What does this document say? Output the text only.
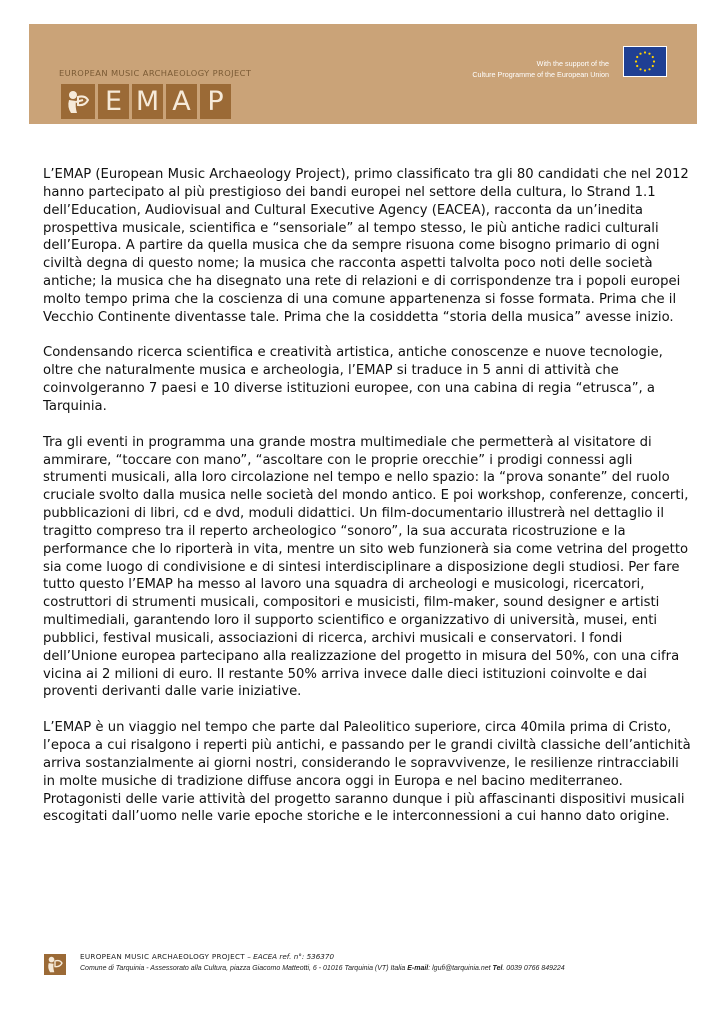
EUROPEAN MUSIC ARCHAEOLOGY PROJECT
With the support of the
Culture Programme of the European Union
E M A P

L’EMAP (European Music Archaeology Project), primo classificato tra gli 80 candidati che nel 2012 hanno partecipato al più prestigioso dei bandi europei nel settore della cultura, lo Strand 1.1 dell’Education, Audiovisual and Cultural Executive Agency (EACEA), racconta da un’inedita prospettiva musicale, scientifica e “sensoriale” al tempo stesso, le più antiche radici culturali dell’Europa. A partire da quella musica che da sempre risuona come bisogno primario di ogni civiltà degna di questo nome; la musica che racconta aspetti talvolta poco noti delle società antiche; la musica che ha disegnato una rete di relazioni e di corrispondenze tra i popoli europei molto tempo prima che la coscienza di una comune appartenenza si fosse formata. Prima che il Vecchio Continente diventasse tale. Prima che la cosiddetta “storia della musica” avesse inizio.

Condensando ricerca scientifica e creatività artistica, antiche conoscenze e nuove tecnologie, oltre che naturalmente musica e archeologia, l’EMAP si traduce in 5 anni di attività che coinvolgeranno 7 paesi e 10 diverse istituzioni europee, con una cabina di regia “etrusca”, a Tarquinia.

Tra gli eventi in programma una grande mostra multimediale che permetterà al visitatore di ammirare, “toccare con mano”, “ascoltare con le proprie orecchie” i prodigi connessi agli strumenti musicali, alla loro circolazione nel tempo e nello spazio: la “prova sonante” del ruolo cruciale svolto dalla musica nelle società del mondo antico. E poi workshop, conferenze, concerti, pubblicazioni di libri, cd e dvd, moduli didattici. Un film-documentario illustrerà nel dettaglio il tragitto compreso tra il reperto archeologico “sonoro”, la sua accurata ricostruzione e la performance che lo riporterà in vita, mentre un sito web funzionerà sia come vetrina del progetto sia come luogo di condivisione e di sintesi interdisciplinare a disposizione degli studiosi. Per fare tutto questo l’EMAP ha messo al lavoro una squadra di archeologi e musicologi, ricercatori, costruttori di strumenti musicali, compositori e musicisti, film-maker, sound designer e artisti multimediali, garantendo loro il supporto scientifico e organizzativo di università, musei, enti pubblici, festival musicali, associazioni di ricerca, archivi musicali e conservatori. I fondi dell’Unione europea partecipano alla realizzazione del progetto in misura del 50%, con una cifra vicina ai 2 milioni di euro. Il restante 50% arriva invece dalle dieci istituzioni coinvolte e dai proventi derivanti dalle varie iniziative.

L’EMAP è un viaggio nel tempo che parte dal Paleolitico superiore, circa 40mila prima di Cristo, l’epoca a cui risalgono i reperti più antichi, e passando per le grandi civiltà classiche dell’antichità arriva sostanzialmente ai giorni nostri, considerando le sopravvivenze, le resilienze rintracciabili in molte musiche di tradizione diffuse ancora oggi in Europa e nel bacino mediterraneo. Protagonisti delle varie attività del progetto saranno dunque i più affascinanti dispositivi musicali escogitati dall’uomo nelle varie epoche storiche e le interconnessioni a cui hanno dato origine.

EUROPEAN MUSIC ARCHAEOLOGY PROJECT – EACEA ref. n°: 536370
Comune di Tarquinia - Assessorato alla Cultura, piazza Giacomo Matteotti, 6 - 01016 Tarquinia (VT) Italia E-mail: lgufi@tarquinia.net Tel. 0039 0766 849224
